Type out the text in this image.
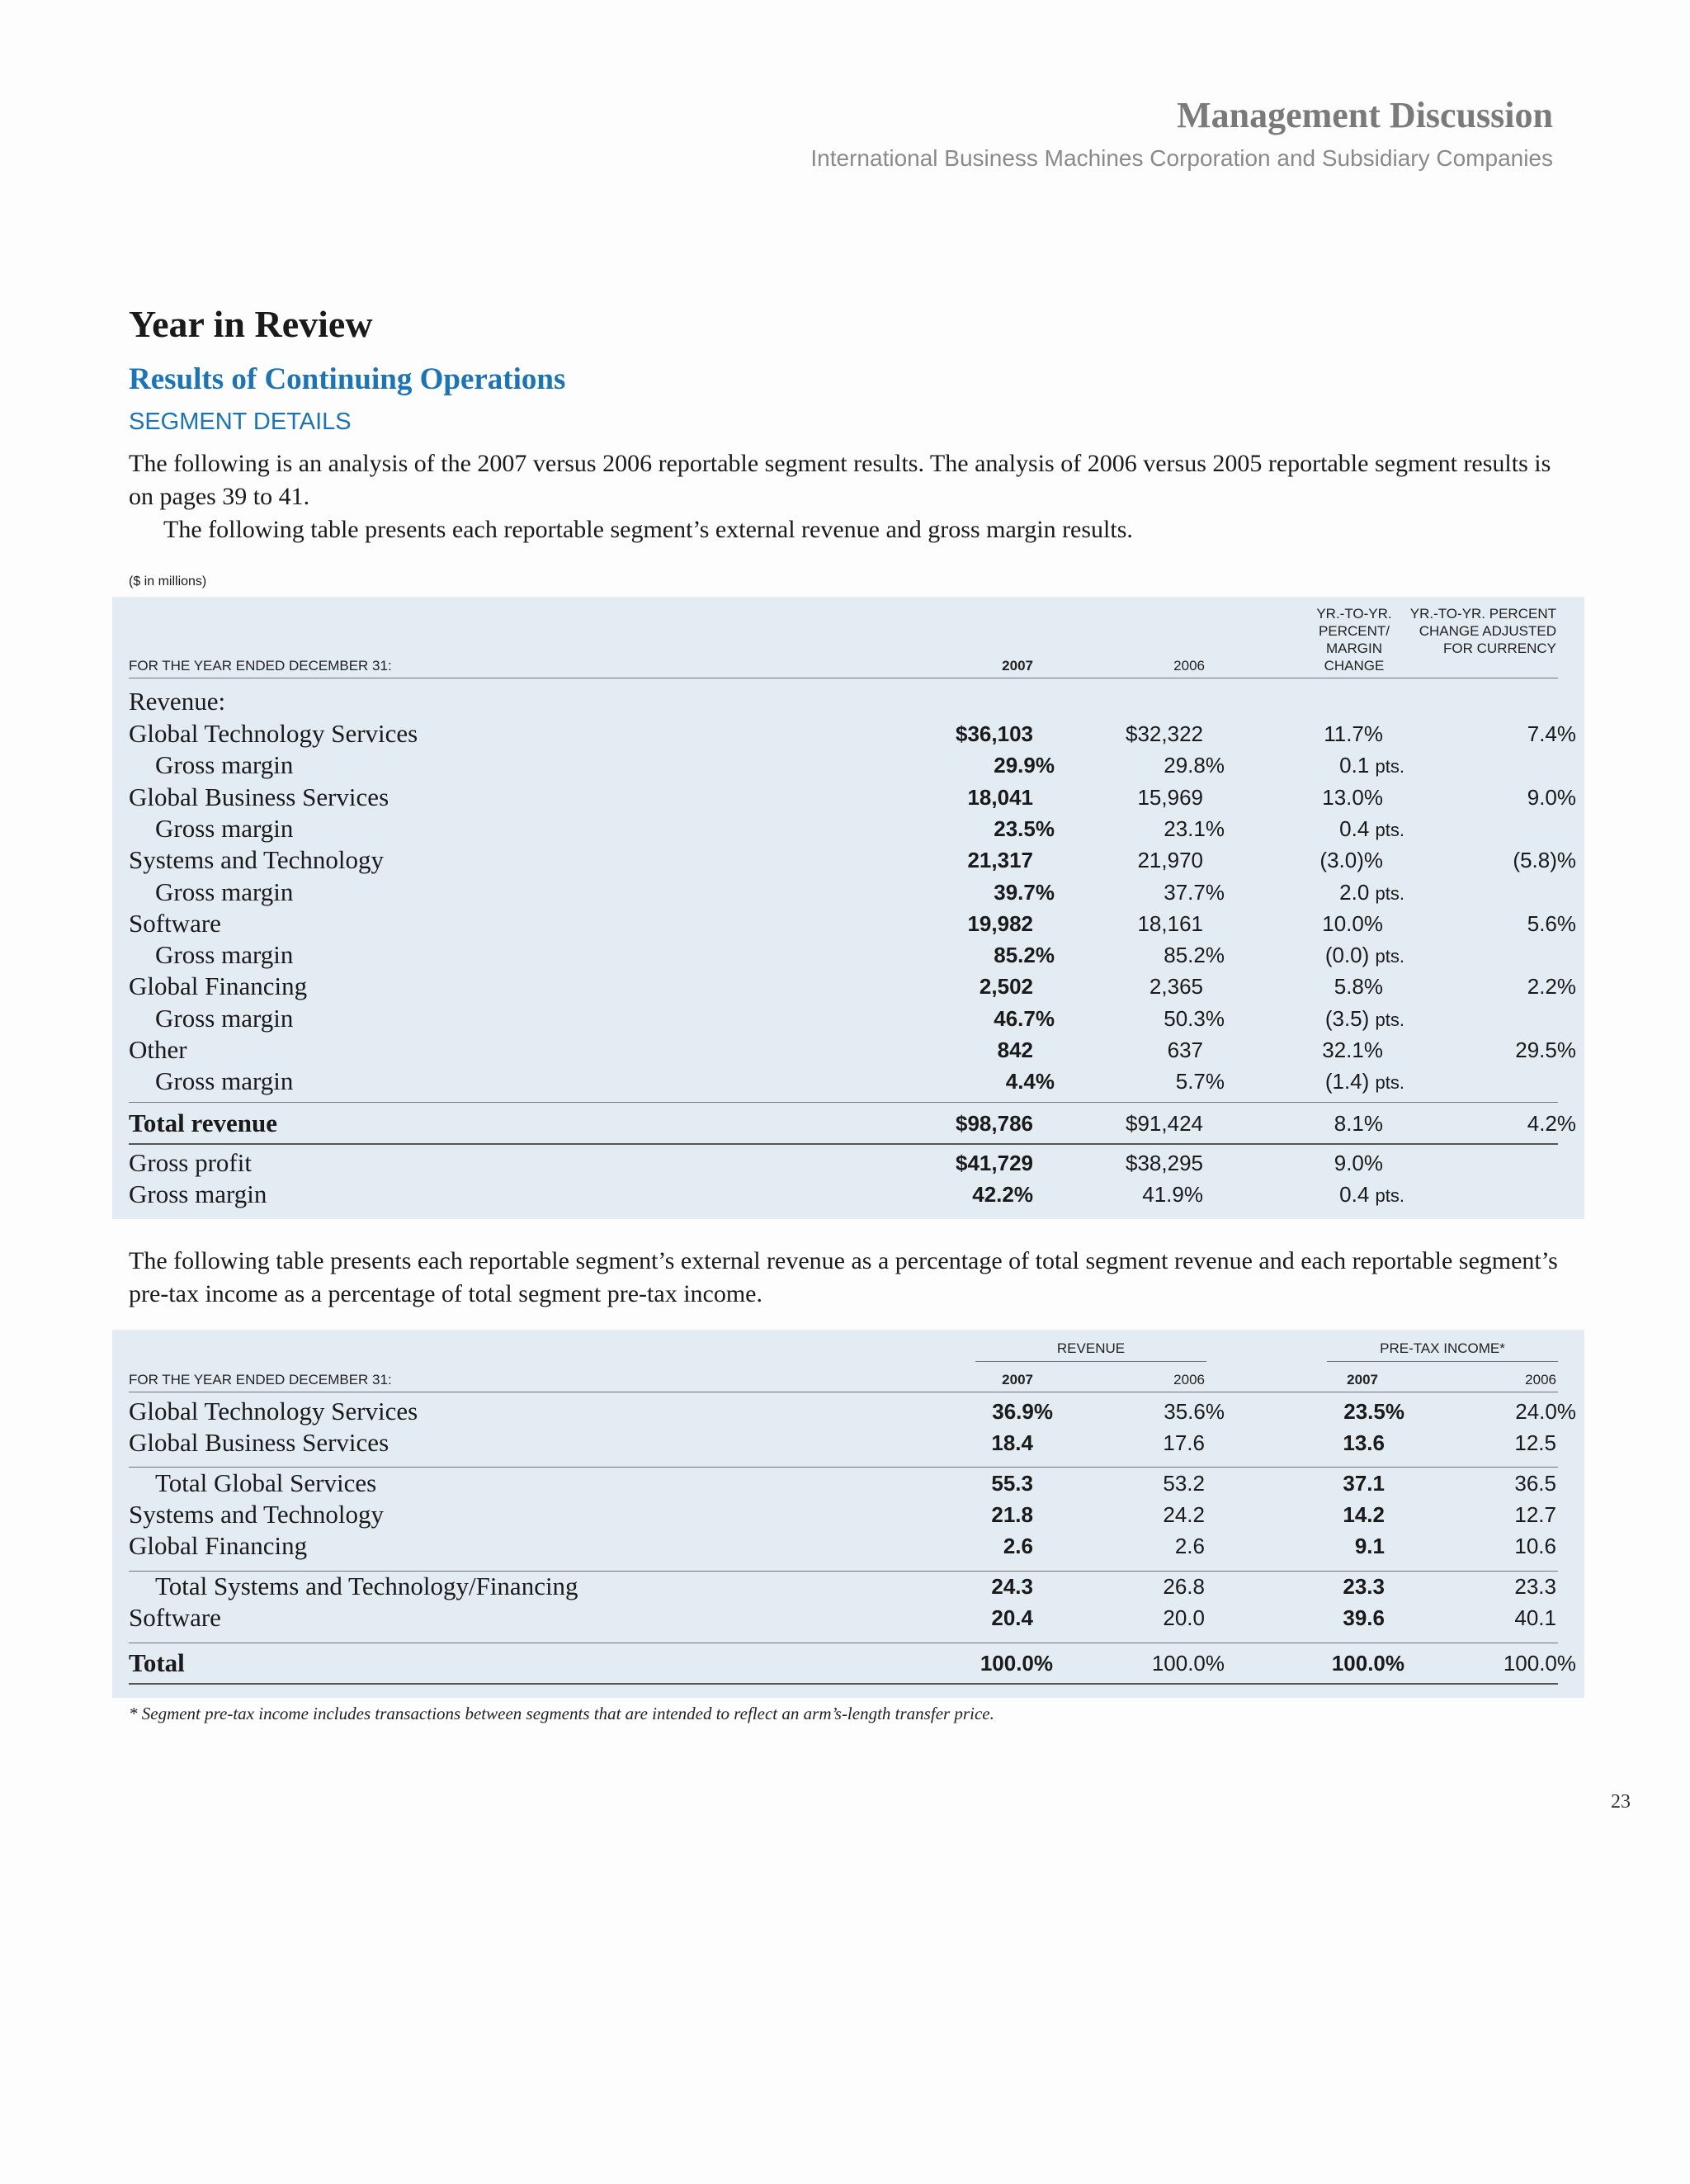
Management Discussion
International Business Machines Corporation and Subsidiary Companies
Year in Review
Results of Continuing Operations
SEGMENT DETAILS
The following is an analysis of the 2007 versus 2006 reportable segment results. The analysis of 2006 versus 2005 reportable segment results is on pages 39 to 41.
The following table presents each reportable segment’s external revenue and gross margin results.
($ in millions)
FOR THE YEAR ENDED DECEMBER 31:	2007	2006
YR.-TO-YR. PERCENT/ MARGIN CHANGE
YR.-TO-YR. PERCENT CHANGE ADJUSTED FOR CURRENCY
Revenue:
Global Technology Services	$36,103	$32,322	11.7%	7.4%
Gross margin	29.9%	29.8%	0.1 pts.
Global Business Services	18,041	15,969	13.0%	9.0%
Gross margin	23.5%	23.1%	0.4 pts.
Systems and Technology	21,317	21,970	(3.0)%	(5.8)%
Gross margin	39.7%	37.7%	2.0 pts.
Software	19,982	18,161	10.0%	5.6%
Gross margin	85.2%	85.2%	(0.0) pts.
Global Financing	2,502	2,365	5.8%	2.2%
Gross margin	46.7%	50.3%	(3.5) pts.
Other	842	637	32.1%	29.5%
Gross margin	4.4%	5.7%	(1.4) pts.
Total revenue	$98,786	$91,424	8.1%	4.2%
Gross profit	$41,729	$38,295	9.0%
Gross margin	42.2%	41.9%	0.4 pts.
The following table presents each reportable segment’s external revenue as a percentage of total segment revenue and each reportable segment’s pre-tax income as a percentage of total segment pre-tax income.
REVENUE	PRE-TAX INCOME*
FOR THE YEAR ENDED DECEMBER 31:	2007	2006	2007	2006
Global Technology Services	36.9%	35.6%	23.5%	24.0%
Global Business Services	18.4	17.6	13.6	12.5
Total Global Services	55.3	53.2	37.1	36.5
Systems and Technology	21.8	24.2	14.2	12.7
Global Financing	2.6	2.6	9.1	10.6
Total Systems and Technology/Financing	24.3	26.8	23.3	23.3
Software	20.4	20.0	39.6	40.1
Total	100.0%	100.0%	100.0%	100.0%
* Segment pre-tax income includes transactions between segments that are intended to reflect an arm’s-length transfer price.
23
